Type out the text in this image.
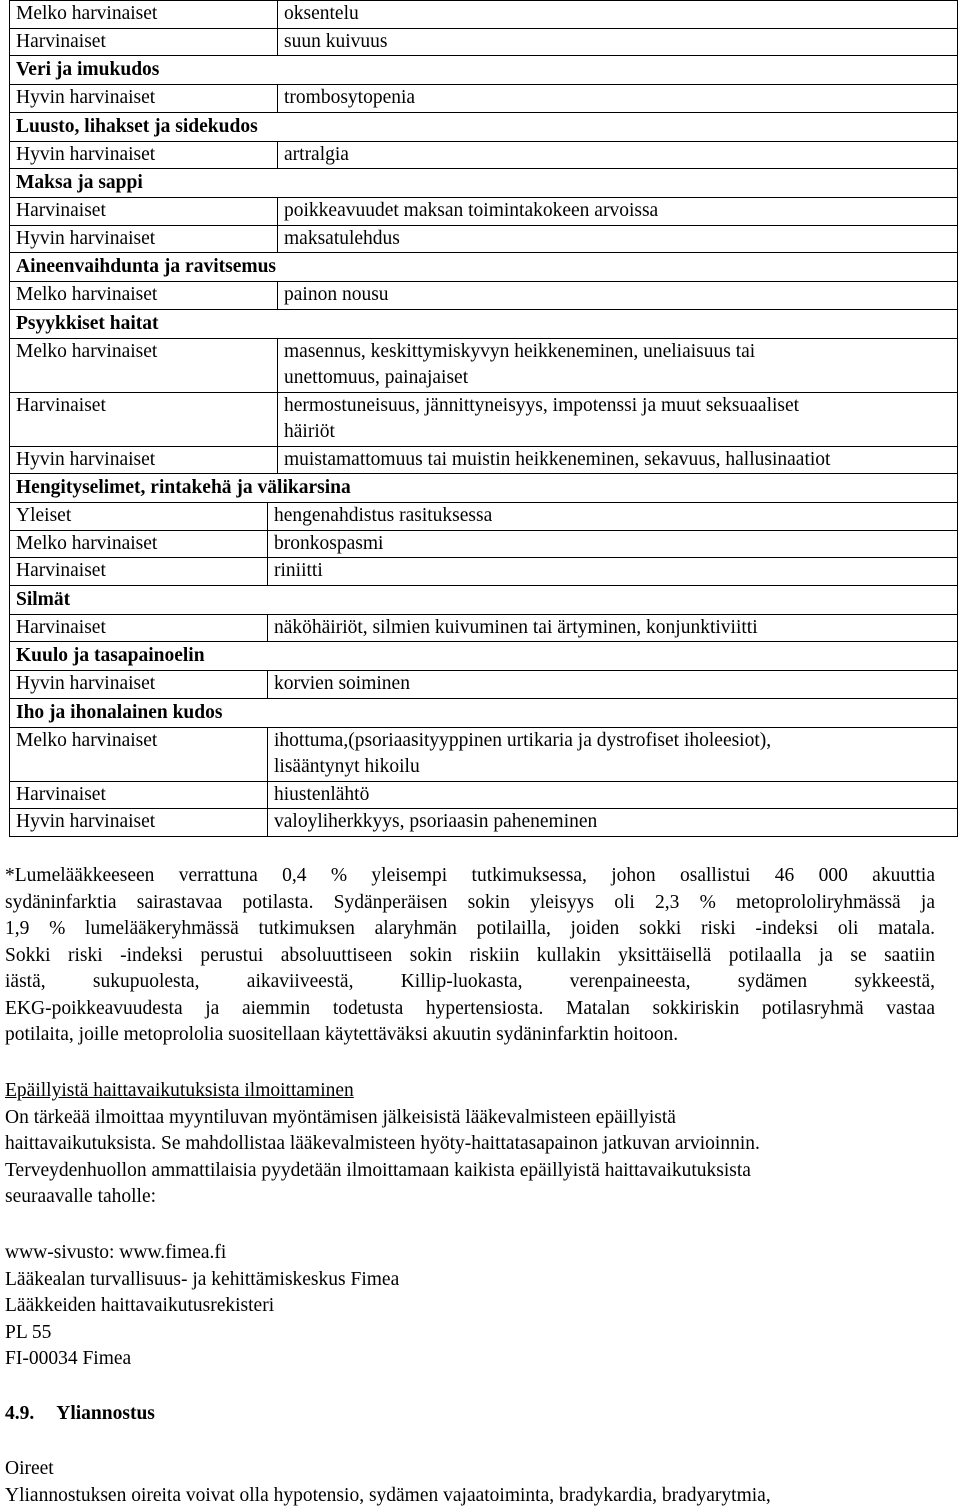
Melko harvinaiset		oksentelu

Harvinaiset		suun kuivuus

Veri ja imukudos		
Hyvin harvinaiset		trombosytopenia

Luusto, lihakset ja sidekudos		
Hyvin harvinaiset		artralgia

Maksa ja sappi		
Harvinaiset		poikkeavuudet maksan toimintakokeen arvoissa

Hyvin harvinaiset		maksatulehdus

Aineenvaihdunta ja ravitsemus		
Melko harvinaiset		painon nousu

Psyykkiset haitat		
Melko harvinaiset		masennus, keskittymiskyvyn heikkeneminen, uneliaisuus tai
unettomuus, painajaiset

Harvinaiset		hermostuneisuus, jännittyneisyys, impotenssi ja muut seksuaaliset
häiriöt

Hyvin harvinaiset		muistamattomuus tai muistin heikkeneminen, sekavuus, hallusinaatiot

Hengityselimet, rintakehä ja välikarsina		
Yleiset	hengenahdistus rasituksessa	

Melko harvinaiset	bronkospasmi	

Harvinaiset	riniitti	

Silmät		
Harvinaiset	näköhäiriöt, silmien kuivuminen tai ärtyminen, konjunktiviitti	

Kuulo ja tasapainoelin		
Hyvin harvinaiset	korvien soiminen	

Iho ja ihonalainen kudos		
Melko harvinaiset	ihottuma,(psoriaasityyppinen urtikaria ja dystrofiset iholeesiot),
lisääntynyt hikoilu	

Harvinaiset	hiustenlähtö	

Hyvin harvinaiset	valoyliherkkyys, psoriaasin paheneminen	
*Lumelääkkeeseen verrattuna 0,4 % yleisempi tutkimuksessa, johon osallistui 46 000 akuuttia
sydäninfarktia sairastavaa potilasta. Sydänperäisen sokin yleisyys oli 2,3 % metoprololiryhmässä ja
1,9 % lumelääkeryhmässä tutkimuksen alaryhmän potilailla, joiden sokki riski -indeksi oli matala.
Sokki riski -indeksi perustui absoluuttiseen sokin riskiin kullakin yksittäisellä potilaalla ja se saatiin
iästä, sukupuolesta, aikaviiveestä, Killip-luokasta, verenpaineesta, sydämen sykkeestä,
EKG-poikkeavuudesta ja aiemmin todetusta hypertensiosta. Matalan sokkiriskin potilasryhmä vastaa
potilaita, joille metoprololia suositellaan käytettäväksi akuutin sydäninfarktin hoitoon.
Epäillyistä haittavaikutuksista ilmoittaminen
On tärkeää ilmoittaa myyntiluvan myöntämisen jälkeisistä lääkevalmisteen epäillyistä
haittavaikutuksista. Se mahdollistaa lääkevalmisteen hyöty-haittatasapainon jatkuvan arvioinnin.
Terveydenhuollon ammattilaisia pyydetään ilmoittamaan kaikista epäillyistä haittavaikutuksista
seuraavalle taholle:
www-sivusto: www.fimea.fi
Lääkealan turvallisuus- ja kehittämiskeskus Fimea
Lääkkeiden haittavaikutusrekisteri
PL 55
FI-00034 Fimea
4.9. Yliannostus
Oireet
Yliannostuksen oireita voivat olla hypotensio, sydämen vajaatoiminta, bradykardia, bradyarytmia,
